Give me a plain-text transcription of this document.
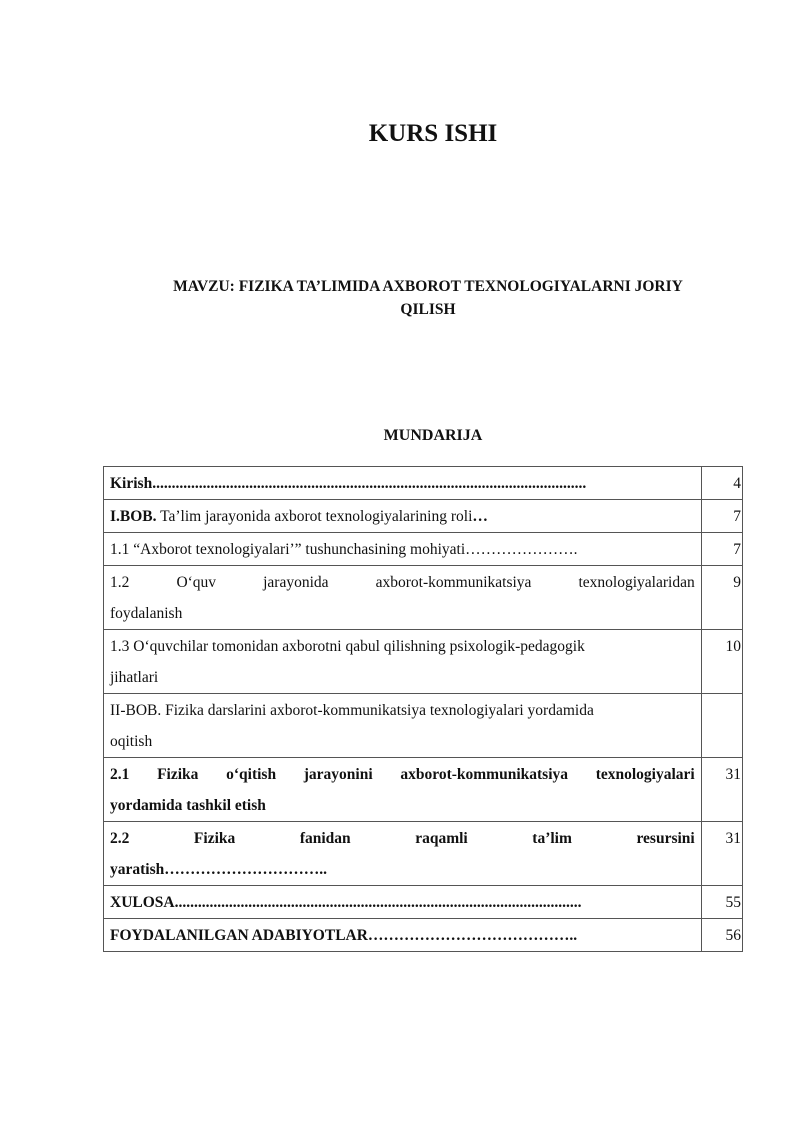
KURS ISHI

MAVZU: FIZIKA TA’LIMIDA AXBOROT TEXNOLOGIYALARNI JORIY
QILISH

MUNDARIJA
Kirish................................................................................................................	4
I.BOB. Ta’lim jarayonida axborot texnologiyalarining roli…	7
1.1 “Axborot texnologiyalari’” tushunchasining mohiyati………………….	7

1.2 O‘quv jarayonida axborot-kommunikatsiya texnologiyalaridan
foydalanish	9

1.3 O‘quvchilar tomonidan axborotni qabul qilishning psixologik-pedagogik
jihatlari	10

II-BOB. Fizika darslarini axborot-kommunikatsiya texnologiyalari yordamida
oqitish	

2.1 Fizika o‘qitish jarayonini axborot-kommunikatsiya texnologiyalari
yordamida tashkil etish	31

2.2 Fizika fanidan raqamli ta’lim resursini
yaratish…………………………..	31
XULOSA.........................................................................................................	55
FOYDALANILGAN ADABIYOTLAR…………………………………..	56
